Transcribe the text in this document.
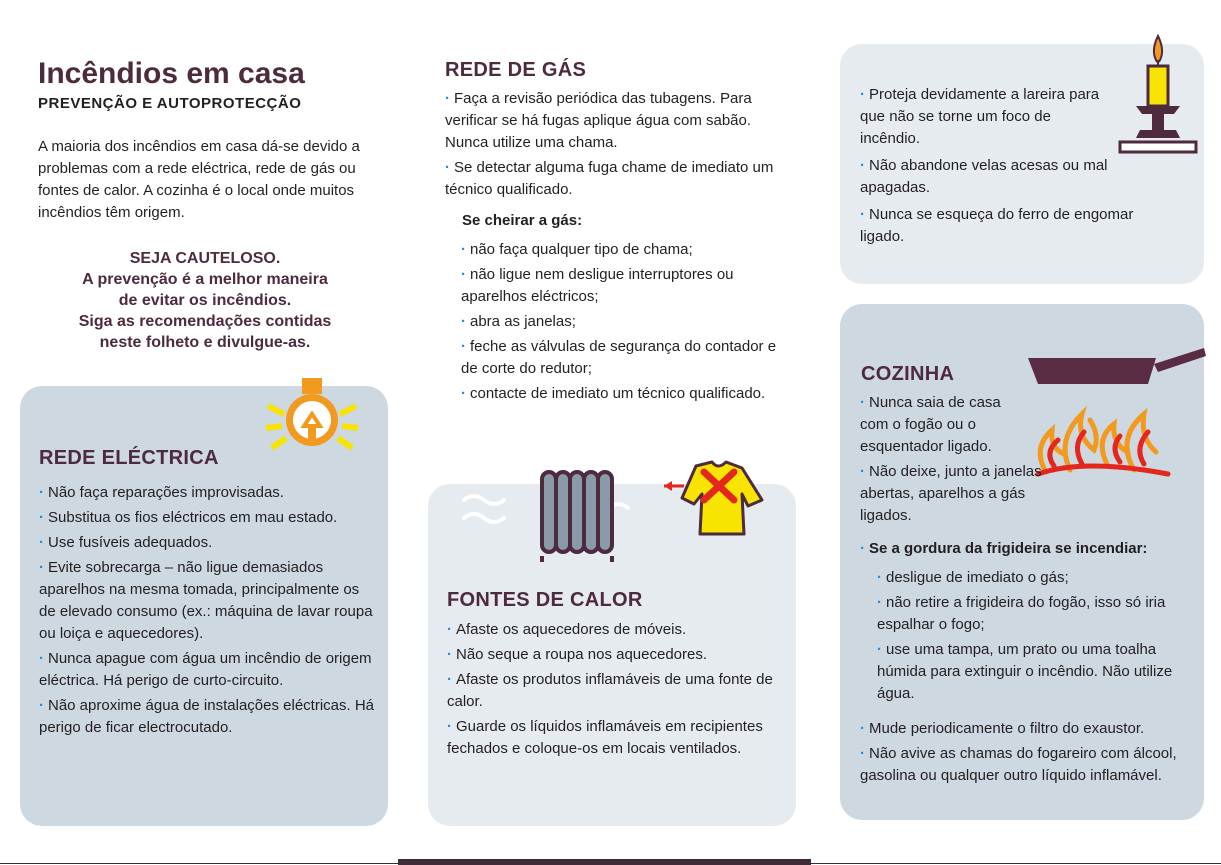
Incêndios em casa
PREVENÇÃO E AUTOPROTECÇÃO
A maioria dos incêndios em casa dá-se devido a problemas com a rede eléctrica, rede de gás ou fontes de calor. A cozinha é o local onde muitos incêndios têm origem.
SEJA CAUTELOSO.
A prevenção é a melhor maneira
de evitar os incêndios.
Siga as recomendações contidas
neste folheto e divulgue-as.
REDE ELÉCTRICA
· Não faça reparações improvisadas.
· Substitua os fios eléctricos em mau estado.
· Use fusíveis adequados.
· Evite sobrecarga – não ligue demasiados aparelhos na mesma tomada, principalmente os de elevado consumo (ex.: máquina de lavar roupa ou loiça e aquecedores).
· Nunca apague com água um incêndio de origem eléctrica. Há perigo de curto-circuito.
· Não aproxime água de instalações eléctricas. Há perigo de ficar electrocutado.
REDE DE GÁS
· Faça a revisão periódica das tubagens. Para verificar se há fugas aplique água com sabão. Nunca utilize uma chama.
· Se detectar alguma fuga chame de imediato um técnico qualificado.
Se cheirar a gás:
· não faça qualquer tipo de chama;
· não ligue nem desligue interruptores ou aparelhos eléctricos;
· abra as janelas;
· feche as válvulas de segurança do contador e de corte do redutor;
· contacte de imediato um técnico qualificado.
FONTES DE CALOR
· Afaste os aquecedores de móveis.
· Não seque a roupa nos aquecedores.
· Afaste os produtos inflamáveis de uma fonte de calor.
· Guarde os líquidos inflamáveis em recipientes fechados e coloque-os em locais ventilados.
· Proteja devidamente a lareira para que não se torne um foco de incêndio.
· Não abandone velas acesas ou mal apagadas.
· Nunca se esqueça do ferro de engomar ligado.
COZINHA
· Nunca saia de casa com o fogão ou o esquentador ligado.
· Não deixe, junto a janelas abertas, aparelhos a gás ligados.
· Se a gordura da frigideira se incendiar:
· desligue de imediato o gás;
· não retire a frigideira do fogão, isso só iria espalhar o fogo;
· use uma tampa, um prato ou uma toalha húmida para extinguir o incêndio. Não utilize água.
· Mude periodicamente o filtro do exaustor.
· Não avive as chamas do fogareiro com álcool, gasolina ou qualquer outro líquido inflamável.
